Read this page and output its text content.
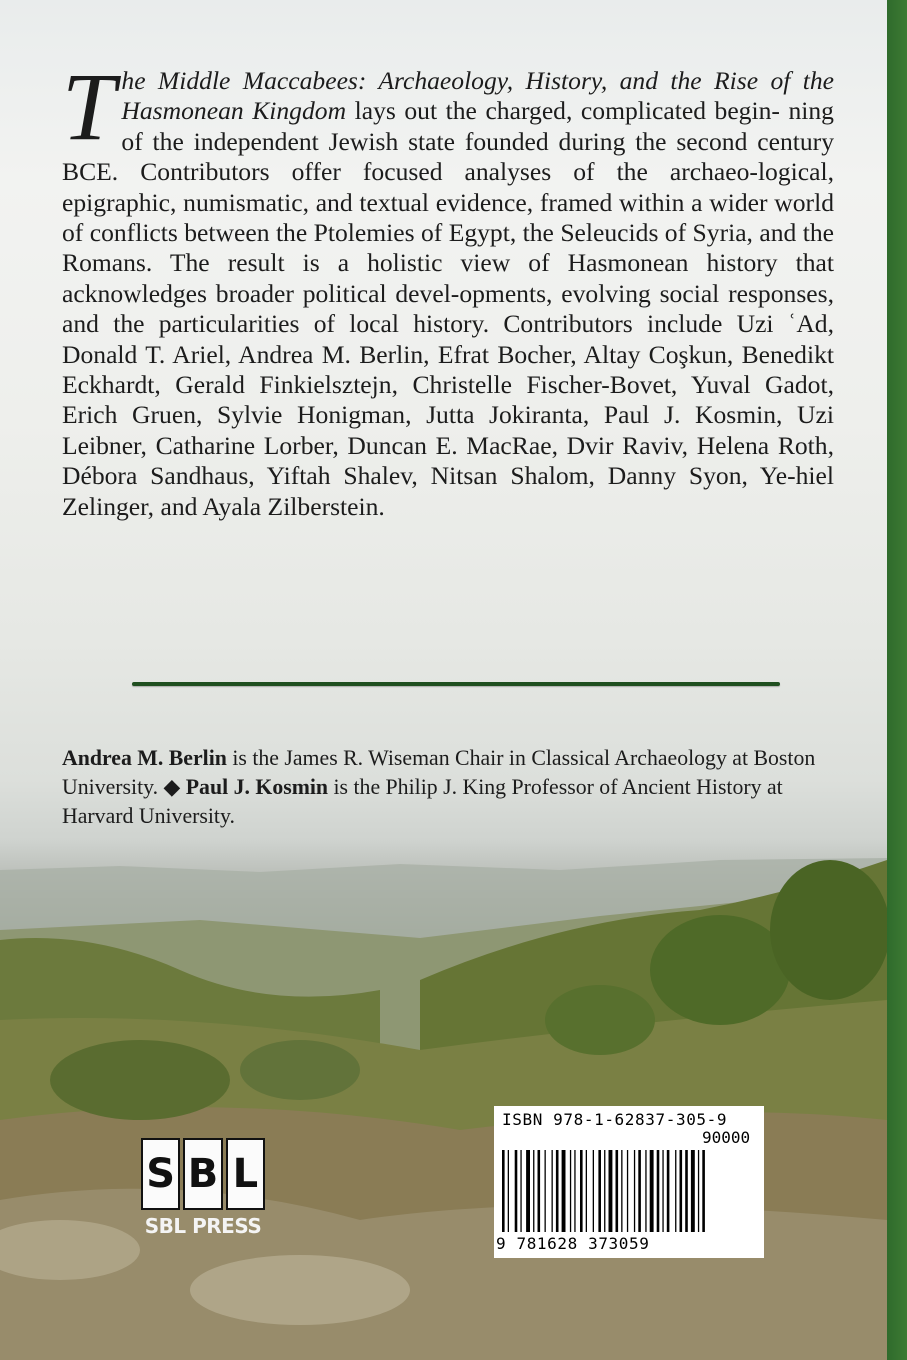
The Middle Maccabees: Archaeology, History, and the Rise of the Hasmonean Kingdom lays out the charged, complicated begin- ning of the independent Jewish state founded during the second century BCE. Contributors offer focused analyses of the archaeo-logical, epigraphic, numismatic, and textual evidence, framed within a wider world of conflicts between the Ptolemies of Egypt, the Seleucids of Syria, and the Romans. The result is a holistic view of Hasmonean history that acknowledges broader political devel-opments, evolving social responses, and the particularities of local history. Contributors include Uzi ʿAd, Donald T. Ariel, Andrea M. Berlin, Efrat Bocher, Altay Coşkun, Benedikt Eckhardt, Gerald Finkielsztejn, Christelle Fischer-Bovet, Yuval Gadot, Erich Gruen, Sylvie Honigman, Jutta Jokiranta, Paul J. Kosmin, Uzi Leibner, Catharine Lorber, Duncan E. MacRae, Dvir Raviv, Helena Roth, Débora Sandhaus, Yiftah Shalev, Nitsan Shalom, Danny Syon, Ye-hiel Zelinger, and Ayala Zilberstein.

Andrea M. Berlin is the James R. Wiseman Chair in Classical Archaeology at Boston University. ◆ Paul J. Kosmin is the Philip J. King Professor of Ancient History at Harvard University.

S B L
SBL PRESS
ISBN 978-1-62837-305-9
90000
9 781628 373059
